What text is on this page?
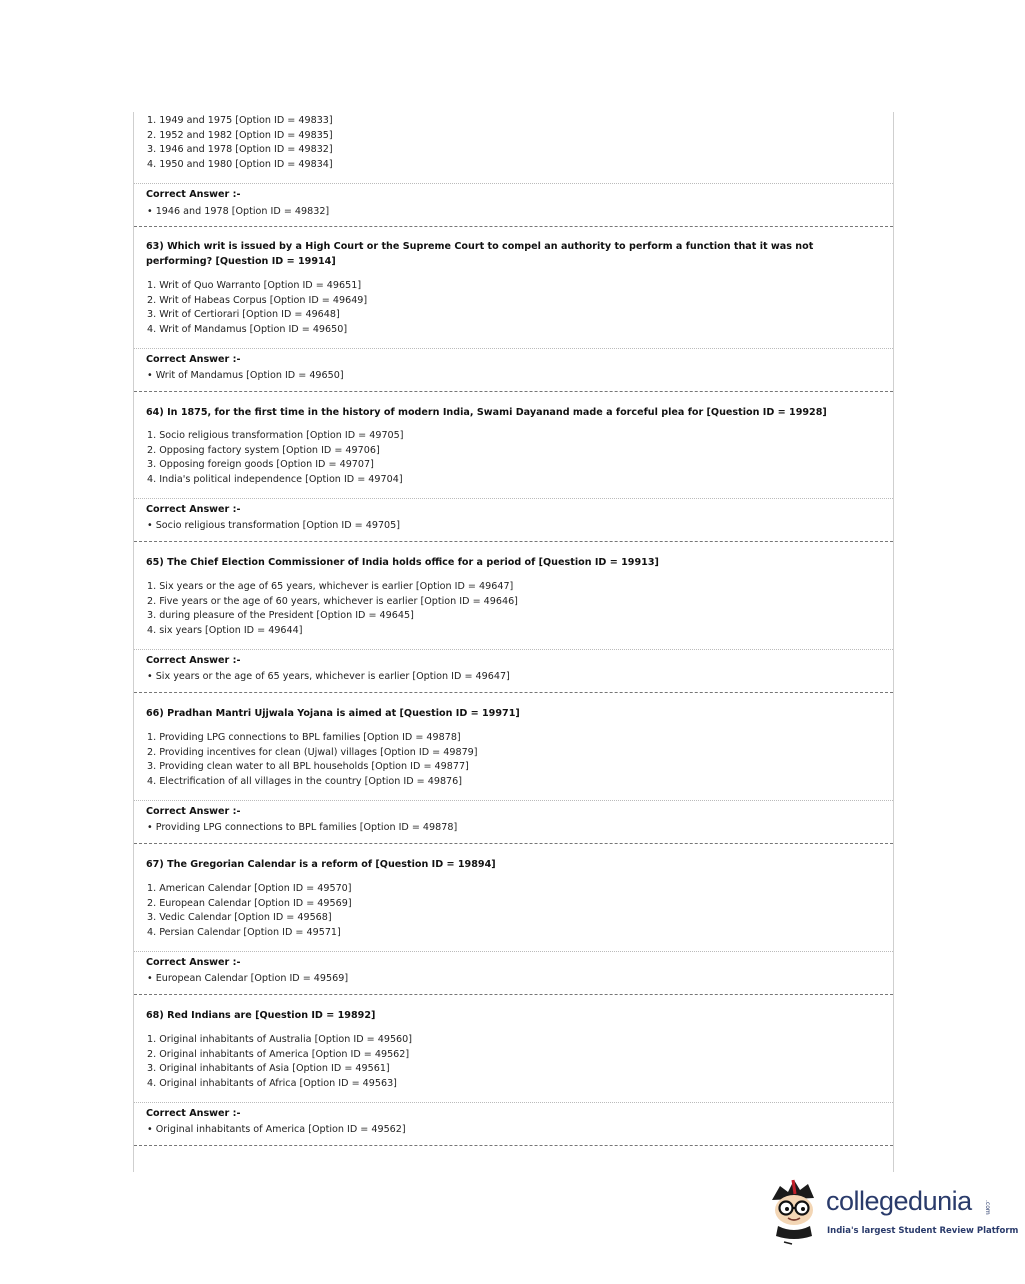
1. 1949 and 1975 [Option ID = 49833]
2. 1952 and 1982 [Option ID = 49835]
3. 1946 and 1978 [Option ID = 49832]
4. 1950 and 1980 [Option ID = 49834]
Correct Answer :-
• 1946 and 1978 [Option ID = 49832]
63) Which writ is issued by a High Court or the Supreme Court to compel an authority to perform a function that it was not performing? [Question ID = 19914]
1. Writ of Quo Warranto [Option ID = 49651]
2. Writ of Habeas Corpus [Option ID = 49649]
3. Writ of Certiorari [Option ID = 49648]
4. Writ of Mandamus [Option ID = 49650]
Correct Answer :-
• Writ of Mandamus [Option ID = 49650]
64) In 1875, for the first time in the history of modern India, Swami Dayanand made a forceful plea for [Question ID = 19928]
1. Socio religious transformation [Option ID = 49705]
2. Opposing factory system [Option ID = 49706]
3. Opposing foreign goods [Option ID = 49707]
4. India's political independence [Option ID = 49704]
Correct Answer :-
• Socio religious transformation [Option ID = 49705]
65) The Chief Election Commissioner of India holds office for a period of [Question ID = 19913]
1. Six years or the age of 65 years, whichever is earlier [Option ID = 49647]
2. Five years or the age of 60 years, whichever is earlier [Option ID = 49646]
3. during pleasure of the President [Option ID = 49645]
4. six years [Option ID = 49644]
Correct Answer :-
• Six years or the age of 65 years, whichever is earlier [Option ID = 49647]
66) Pradhan Mantri Ujjwala Yojana is aimed at [Question ID = 19971]
1. Providing LPG connections to BPL families [Option ID = 49878]
2. Providing incentives for clean (Ujwal) villages [Option ID = 49879]
3. Providing clean water to all BPL households [Option ID = 49877]
4. Electrification of all villages in the country [Option ID = 49876]
Correct Answer :-
• Providing LPG connections to BPL families [Option ID = 49878]
67) The Gregorian Calendar is a reform of [Question ID = 19894]
1. American Calendar [Option ID = 49570]
2. European Calendar [Option ID = 49569]
3. Vedic Calendar [Option ID = 49568]
4. Persian Calendar [Option ID = 49571]
Correct Answer :-
• European Calendar [Option ID = 49569]
68) Red Indians are [Question ID = 19892]
1. Original inhabitants of Australia [Option ID = 49560]
2. Original inhabitants of America [Option ID = 49562]
3. Original inhabitants of Asia [Option ID = 49561]
4. Original inhabitants of Africa [Option ID = 49563]
Correct Answer :-
• Original inhabitants of America [Option ID = 49562]
collegedunia .com
India's largest Student Review Platform
